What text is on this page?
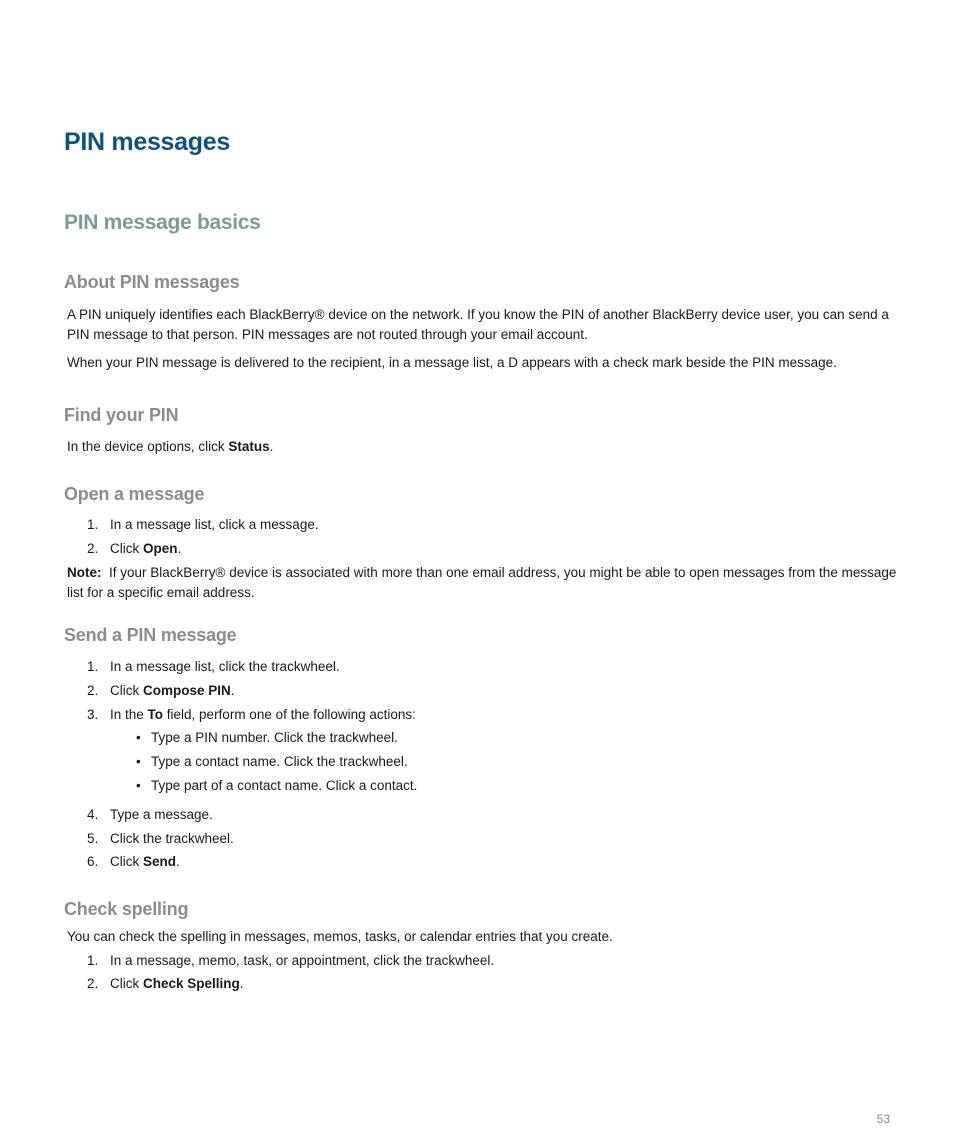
PIN messages
PIN message basics
About PIN messages

A PIN uniquely identifies each BlackBerry® device on the network. If you know the PIN of another BlackBerry device user, you can send a PIN message to that person. PIN messages are not routed through your email account.

When your PIN message is delivered to the recipient, in a message list, a D appears with a check mark beside the PIN message.

Find your PIN

In the device options, click Status.

Open a message

1. In a message list, click a message.

2. Click Open.

Note: If your BlackBerry® device is associated with more than one email address, you might be able to open messages from the message list for a specific email address.

Send a PIN message

1. In a message list, click the trackwheel.

2. Click Compose PIN.

3. In the To field, perform one of the following actions:

• Type a PIN number. Click the trackwheel.

• Type a contact name. Click the trackwheel.

• Type part of a contact name. Click a contact.

4. Type a message.

5. Click the trackwheel.

6. Click Send.

Check spelling

You can check the spelling in messages, memos, tasks, or calendar entries that you create.

1. In a message, memo, task, or appointment, click the trackwheel.

2. Click Check Spelling.

53
